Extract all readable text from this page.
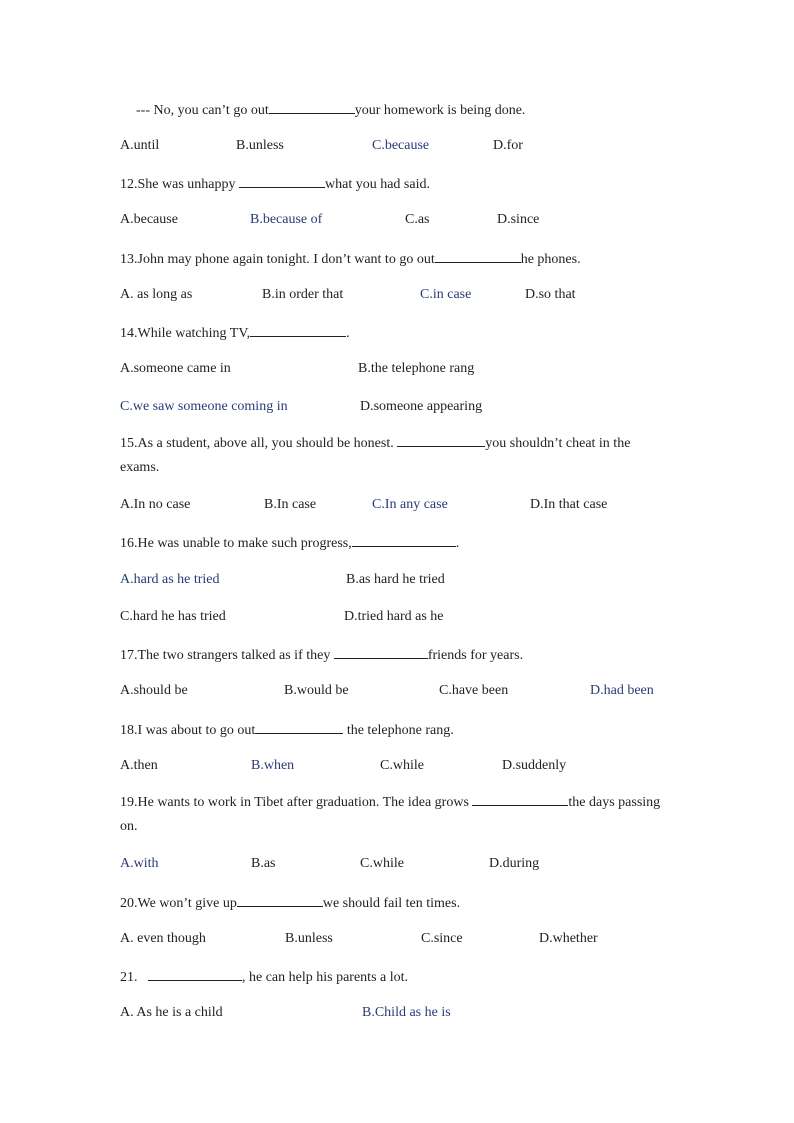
--- No, you can’t go out	your homework is being done.
A.until	B.unless	C.because	D.for
12.She was unhappy	what you had said.
A.because	B.because of	C.as	D.since
13.John may phone again tonight. I don’t want to go out	he phones.
A. as long as	B.in order that	C.in case	D.so that
14.While watching TV,	.
A.someone came in	B.the telephone rang
C.we saw someone coming in	D.someone appearing
15.As a student, above all, you should be honest.	you shouldn’t cheat in the exams.
A.In no case	B.In case	C.In any case	D.In that case
16.He was unable to make such progress,	.
A.hard as he tried	B.as hard he tried
C.hard he has tried	D.tried hard as he
17.The two strangers talked as if they	friends for years.
A.should be	B.would be	C.have been	D.had been
18.I was about to go out	the telephone rang.
A.then	B.when	C.while	D.suddenly
19.He wants to work in Tibet after graduation. The idea grows	the days passing on.
A.with	B.as	C.while	D.during
20.We won’t give up	we should fail ten times.
A. even though	B.unless	C.since	D.whether
21.	, he can help his parents a lot.
A. As he is a child	B.Child as he is
